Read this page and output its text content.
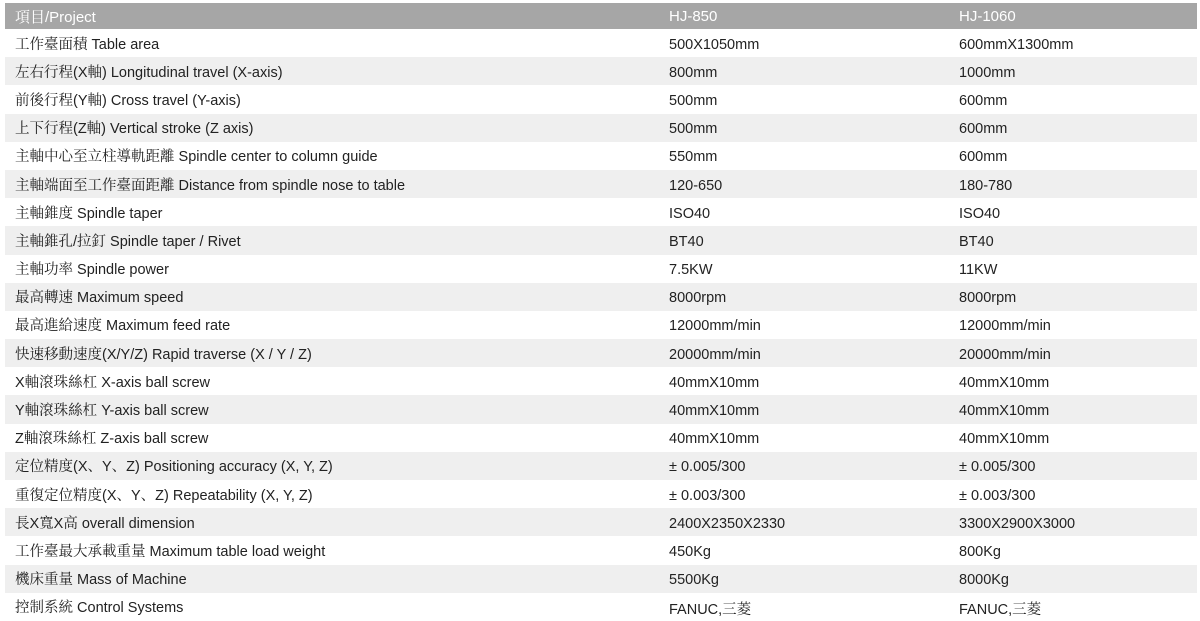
項目/Project	HJ-850	HJ-1060
工作臺面積 Table area	500X1050mm	600mmX1300mm
左右行程(X軸) Longitudinal travel (X-axis)	800mm	1000mm
前後行程(Y軸) Cross travel (Y-axis)	500mm	600mm
上下行程(Z軸) Vertical stroke (Z axis)	500mm	600mm
主軸中心至立柱導軌距離 Spindle center to column guide	550mm	600mm
主軸端面至工作臺面距離 Distance from spindle nose to table	120-650	180-780
主軸錐度 Spindle taper	ISO40	ISO40
主軸錐孔/拉釘 Spindle taper / Rivet	BT40	BT40
主軸功率 Spindle power	7.5KW	11KW
最高轉速 Maximum speed	8000rpm	8000rpm
最高進給速度 Maximum feed rate	12000mm/min	12000mm/min
快速移動速度(X/Y/Z) Rapid traverse (X / Y / Z)	20000mm/min	20000mm/min
X軸滾珠絲杠 X-axis ball screw	40mmX10mm	40mmX10mm
Y軸滾珠絲杠 Y-axis ball screw	40mmX10mm	40mmX10mm
Z軸滾珠絲杠 Z-axis ball screw	40mmX10mm	40mmX10mm
定位精度(X、Y、Z) Positioning accuracy (X, Y, Z)	± 0.005/300	± 0.005/300
重復定位精度(X、Y、Z) Repeatability (X, Y, Z)	± 0.003/300	± 0.003/300
長X寬X高 overall dimension	2400X2350X2330	3300X2900X3000
工作臺最大承載重量 Maximum table load weight	450Kg	800Kg
機床重量 Mass of Machine	5500Kg	8000Kg
控制系統 Control Systems	FANUC,三菱	FANUC,三菱
